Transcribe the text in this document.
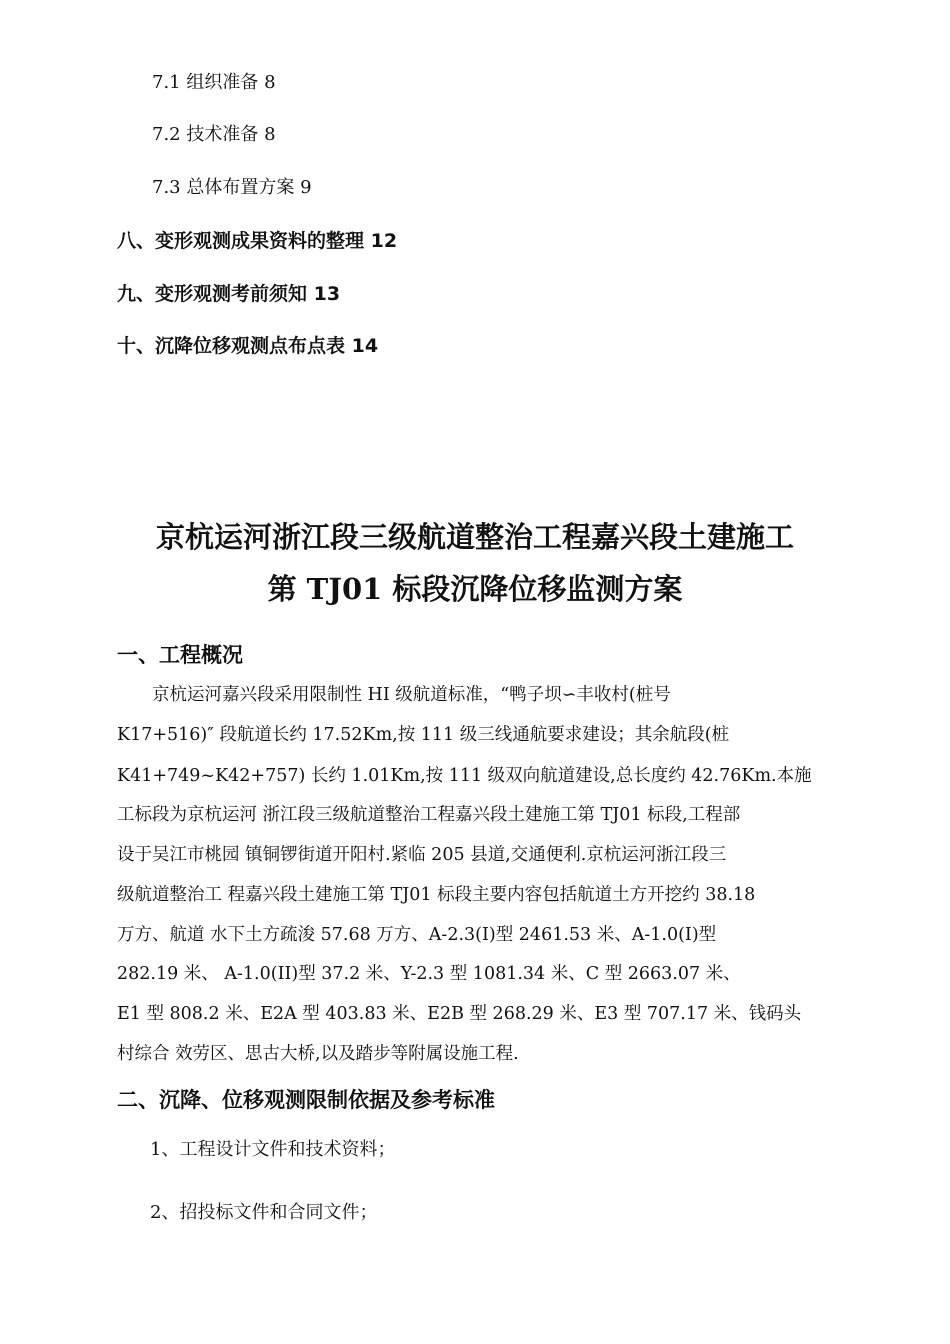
7.1 组织准备 8
7.2 技术准备 8
7.3 总体布置方案 9
八、变形观测成果资料的整理 12
九、变形观测考前须知 13
十、沉降位移观测点布点表 14
京杭运河浙江段三级航道整治工程嘉兴段土建施工
第 TJ01 标段沉降位移监测方案
一、工程概况
京杭运河嘉兴段采用限制性 HI 级航道标准，“鸭子坝∽丰收村(桩号
K17+516)″ 段航道长约 17.52Km,按 111 级三线通航要求建设；其余航段(桩
K41+749~K42+757) 长约 1.01Km,按 111 级双向航道建设,总长度约 42.76Km.本施
工标段为京杭运河 浙江段三级航道整治工程嘉兴段土建施工第 TJ01 标段,工程部
设于吴江市桃园 镇铜锣街道开阳村.紧临 205 县道,交通便利.京杭运河浙江段三
级航道整治工 程嘉兴段土建施工第 TJ01 标段主要内容包括航道土方开挖约 38.18
万方、航道 水下土方疏浚 57.68 万方、A-2.3(I)型 2461.53 米、A-1.0(I)型
282.19 米、 A-1.0(II)型 37.2 米、Y-2.3 型 1081.34 米、C 型 2663.07 米、
E1 型 808.2 米、E2A 型 403.83 米、E2B 型 268.29 米、E3 型 707.17 米、钱码头
村综合 效劳区、思古大桥,以及踏步等附属设施工程.
二、沉降、位移观测限制依据及参考标准
1、工程设计文件和技术资料；
2、招投标文件和合同文件；
